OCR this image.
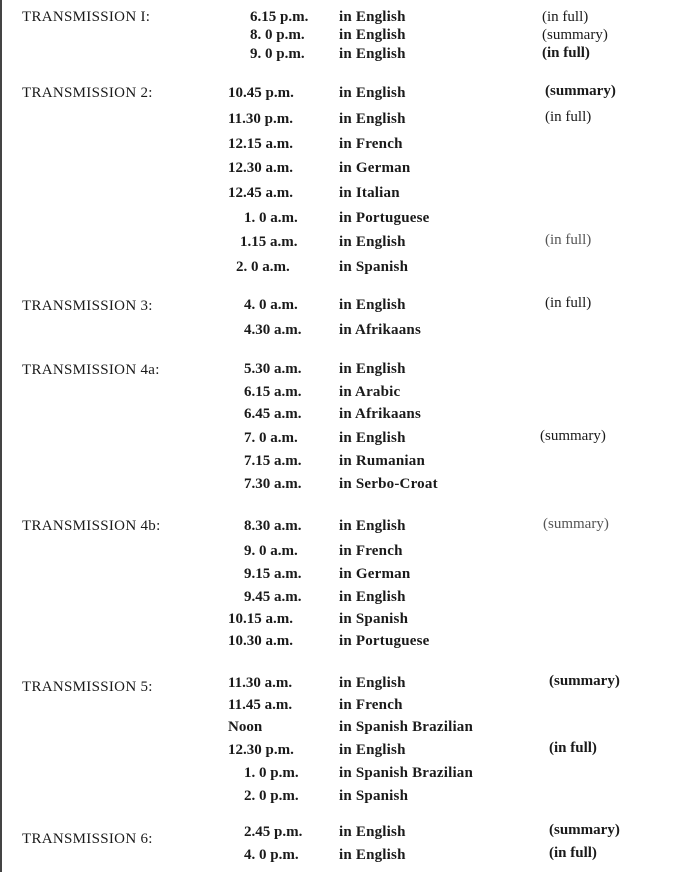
TRANSMISSION I:	6.15 p.m. in English	(in full)
8. 0 p.m. in English	(summary)
9. 0 p.m. in English	(in full)
TRANSMISSION 2:	10.45 p.m.	in English	(summary)
11.30 p.m.	in English	(in full)
12.15 a.m.	in French
12.30 a.m.	in German
12.45 a.m.	in Italian
1. 0 a.m.	in Portuguese
1.15 a.m.	in English	(in full)
2. 0 a.m.	in Spanish
TRANSMISSION 3:	4. 0 a.m.	in English	(in full)
4.30 a.m.	in Afrikaans
TRANSMISSION 4a:	5.30 a.m.	in English
6.15 a.m.	in Arabic
6.45 a.m.	in Afrikaans
7. 0 a.m.	in English	(summary)
7.15 a.m.	in Rumanian
7.30 a.m.	in Serbo-Croat
TRANSMISSION 4b:	8.30 a.m.	in English	(summary)
9. 0 a.m.	in French
9.15 a.m.	in German
9.45 a.m.	in English
10.15 a.m.	in Spanish
10.30 a.m.	in Portuguese
TRANSMISSION 5:	11.30 a.m.	in English	(summary)
11.45 a.m.	in French
Noon	in Spanish Brazilian
12.30 p.m.	in English	(in full)
1. 0 p.m.	in Spanish Brazilian
2. 0 p.m.	in Spanish
TRANSMISSION 6:	2.45 p.m. in English	(summary)
4. 0 p.m.	in English	(in full)
